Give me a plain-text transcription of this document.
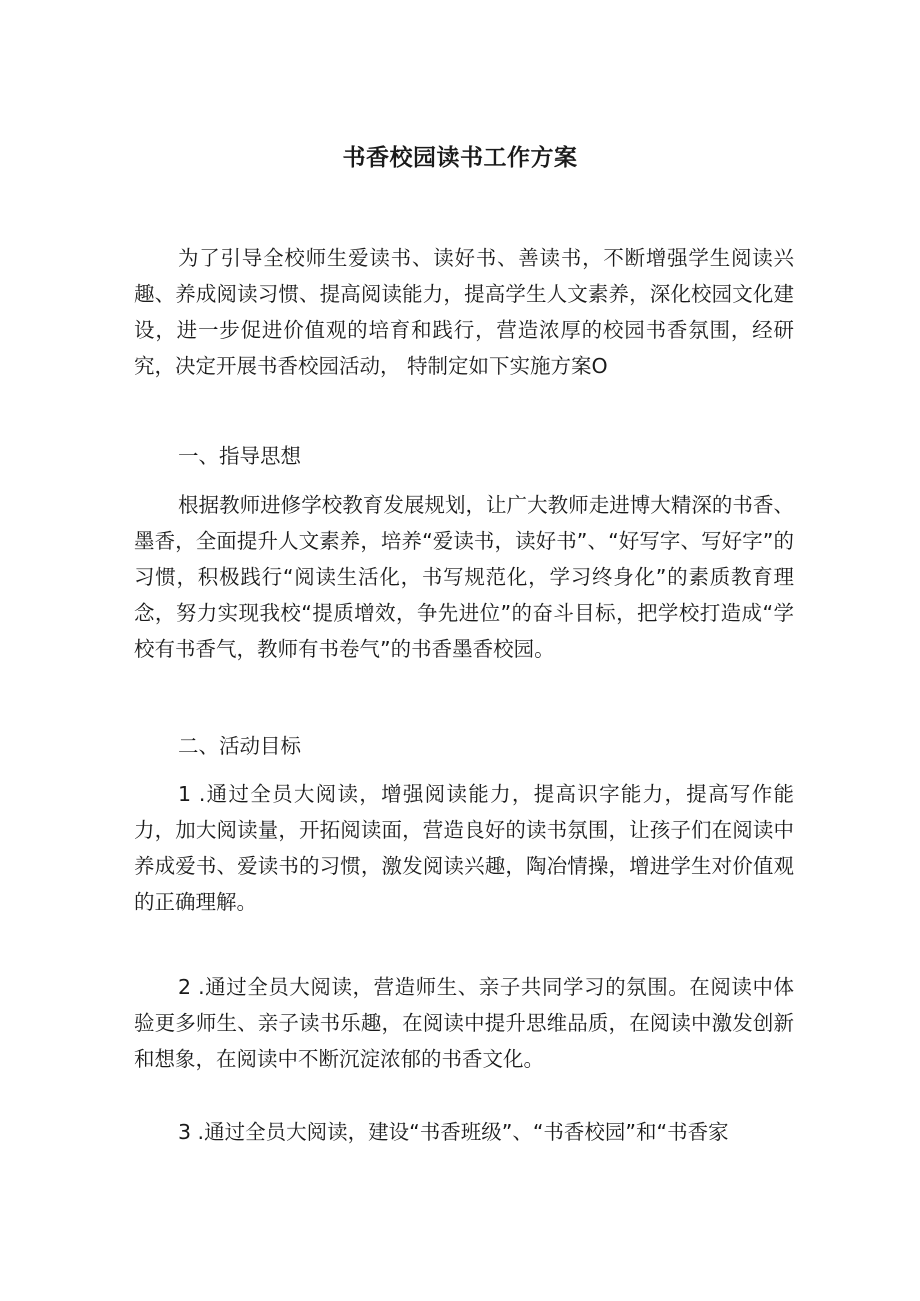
书香校园读书工作方案

为了引导全校师生爱读书、读好书、善读书，不断增强学生阅读兴趣、养成阅读习惯、提高阅读能力，提高学生人文素养，深化校园文化建设，进一步促进价值观的培育和践行，营造浓厚的校园书香氛围，经研究，决定开展书香校园活动， 特制定如下实施方案O

一、指导思想

根据教师进修学校教育发展规划，让广大教师走进博大精深的书香、墨香，全面提升人文素养，培养“爱读书，读好书”、“好写字、写好字”的习惯，积极践行“阅读生活化，书写规范化，学习终身化”的素质教育理念，努力实现我校“提质增效，争先进位”的奋斗目标，把学校打造成“学校有书香气，教师有书卷气”的书香墨香校园。

二、活动目标

1 .通过全员大阅读，增强阅读能力，提高识字能力，提高写作能力，加大阅读量，开拓阅读面，营造良好的读书氛围，让孩子们在阅读中养成爱书、爱读书的习惯，激发阅读兴趣，陶冶情操，增进学生对价值观的正确理解。

2 .通过全员大阅读，营造师生、亲子共同学习的氛围。在阅读中体验更多师生、亲子读书乐趣，在阅读中提升思维品质，在阅读中激发创新和想象，在阅读中不断沉淀浓郁的书香文化。

3 .通过全员大阅读，建设“书香班级”、“书香校园”和“书香家
